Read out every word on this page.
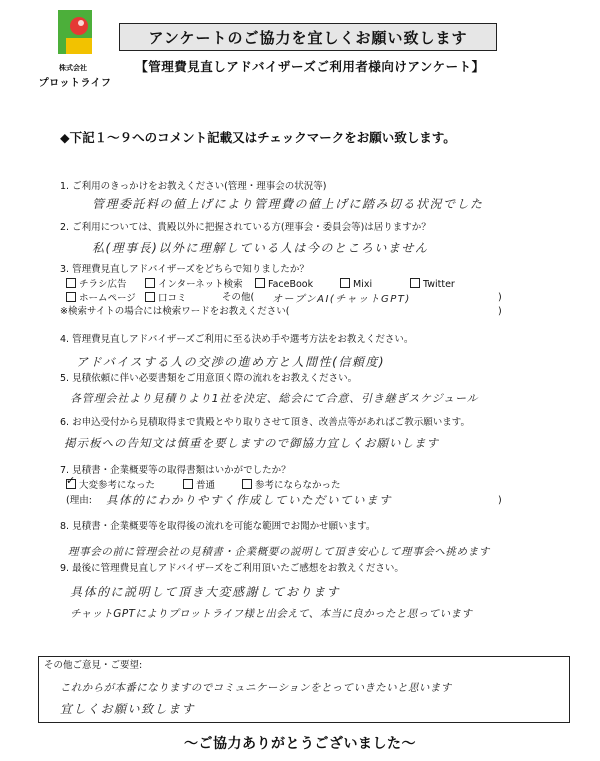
株式会社
プロットライフ
アンケートのご協力を宜しくお願い致します
【管理費見直しアドバイザーズご利用者様向けアンケート】
◆下記１～９へのコメント記載又はチェックマークをお願い致します。
1. ご利用のきっかけをお教えください(管理・理事会の状況等)
管理委託料の値上げにより管理費の値上げに踏み切る状況でした
2. ご利用については、貴殿以外に把握されている方(理事会・委員会等)は居りますか？
私(理事長)以外に理解している人は今のところいません
3. 管理費見直しアドバイザーズをどちらで知りましたか？
チラシ広告	インターネット検索	FaceBook	Mixi	Twitter
ホームページ	口コミ	その他( オープンAI(チャットGPT)	)
※検索サイトの場合には検索ワードをお教えください(	)
4. 管理費見直しアドバイザーズご利用に至る決め手や選考方法をお教えください。
アドバイスする人の交渉の進め方と人間性(信頼度)
5. 見積依頼に伴い必要書類をご用意頂く際の流れをお教えください。
各管理会社より見積りより1社を決定、総会にて合意、引き継ぎスケジュール
6. お申込受付から見積取得まで貴殿とやり取りさせて頂き、改善点等があればご教示願います。
掲示板への告知文は慎重を要しますので御協力宜しくお願いします
7. 見積書・企業概要等の取得書類はいかがでしたか？
✓大変参考になった	普通	参考にならなかった
(理由: 具体的にわかりやすく作成していただいています	)
8. 見積書・企業概要等を取得後の流れを可能な範囲でお聞かせ願います。
理事会の前に管理会社の見積書・企業概要の説明して頂き安心して理事会へ挑めます
9. 最後に管理費見直しアドバイザーズをご利用頂いたご感想をお教えください。
具体的に説明して頂き大変感謝しております
チャットGPTによりプロットライフ様と出会えて、本当に良かったと思っています
その他ご意見・ご要望:
これからが本番になりますのでコミュニケーションをとっていきたいと思います
宜しくお願い致します
～ご協力ありがとうございました～
